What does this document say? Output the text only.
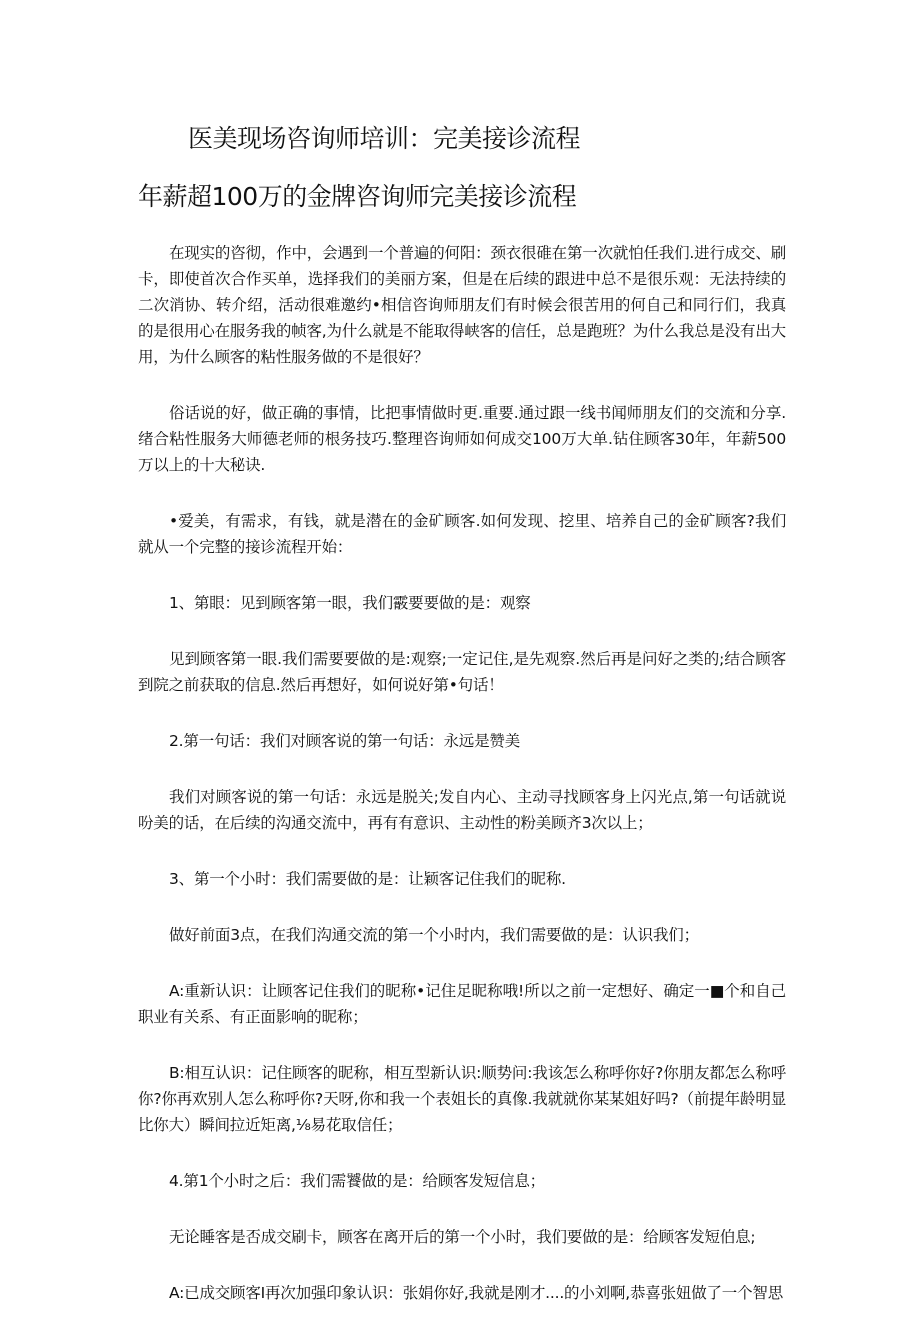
医美现场咨询师培训：完美接诊流程
年薪超100万的金牌咨询师完美接诊流程

在现实的咨彻，作中，会遇到一个普遍的何阳：颈衣很碓在第一次就怕任我们.进行成交、刷卡，即使首次合作买单，选择我们的美丽方案，但是在后续的跟进中总不是很乐观：无法持续的二次消协、转介绍，活动很难邀约•相信咨询师朋友们有时候会很苦用的何自己和同行们，我真的是很用心在服务我的帧客,为什么就是不能取得峡客的信任，总是跑班？为什么我总是没有出大用，为什么顾客的粘性服务做的不是很好？

俗话说的好，做正确的事情，比把事情做时更.重要.通过跟一线书闻师朋友们的交流和分享.绪合粘性服务大师德老师的根务技巧.整理咨询师如何成交100万大单.钻住顾客30年，年薪500万以上的十大秘诀.

•爱美，有需求，有钱，就是潜在的金矿顾客.如何发现、挖里、培养自己的金矿顾客?我们就从一个完整的接诊流程开始：

1、第眼：见到顾客第一眼，我们霰要要做的是：观察

见到顾客第一眼.我们需要要做的是:观察;一定记住,是先观察.然后再是问好之类的;结合顾客到院之前获取的信息.然后再想好，如何说好第•句话！

2.第一句话：我们对顾客说的第一句话：永远是赞美

我们对顾客说的第一句话：永远是脱关;发自内心、主动寻找顾客身上闪光点,第一句话就说吩美的话，在后续的沟通交流中，再有有意识、主动性的粉美顾齐3次以上；

3、第一个小时：我们需要做的是：让颖客记住我们的昵称.

做好前面3点，在我们沟通交流的第一个小时内，我们需要做的是：认识我们；

A:重新认识：让顾客记住我们的昵称•记住足昵称哦!所以之前一定想好、确定一■个和自己职业有关系、有正面影响的昵称；

B:相互认识：记住顾客的昵称，相互型新认识:顺势问:我该怎么称呼你好?你朋友都怎么称呼你?你再欢别人怎么称呼你?天呀,你和我一个表姐长的真像.我就就你某某姐好吗?（前提年龄明显比你大）瞬间拉近矩离,⅛易花取信任；

4.第1个小时之后：我们需饕做的是：给顾客发短信息；

无论睡客是否成交刷卡，顾客在离开后的第一个小时，我们要做的是：给顾客发短伯息;

A:已成交顾客I再次加强印象认识：张娟你好,我就是刚才....的小刘啊,恭喜张妞做了一个智思
